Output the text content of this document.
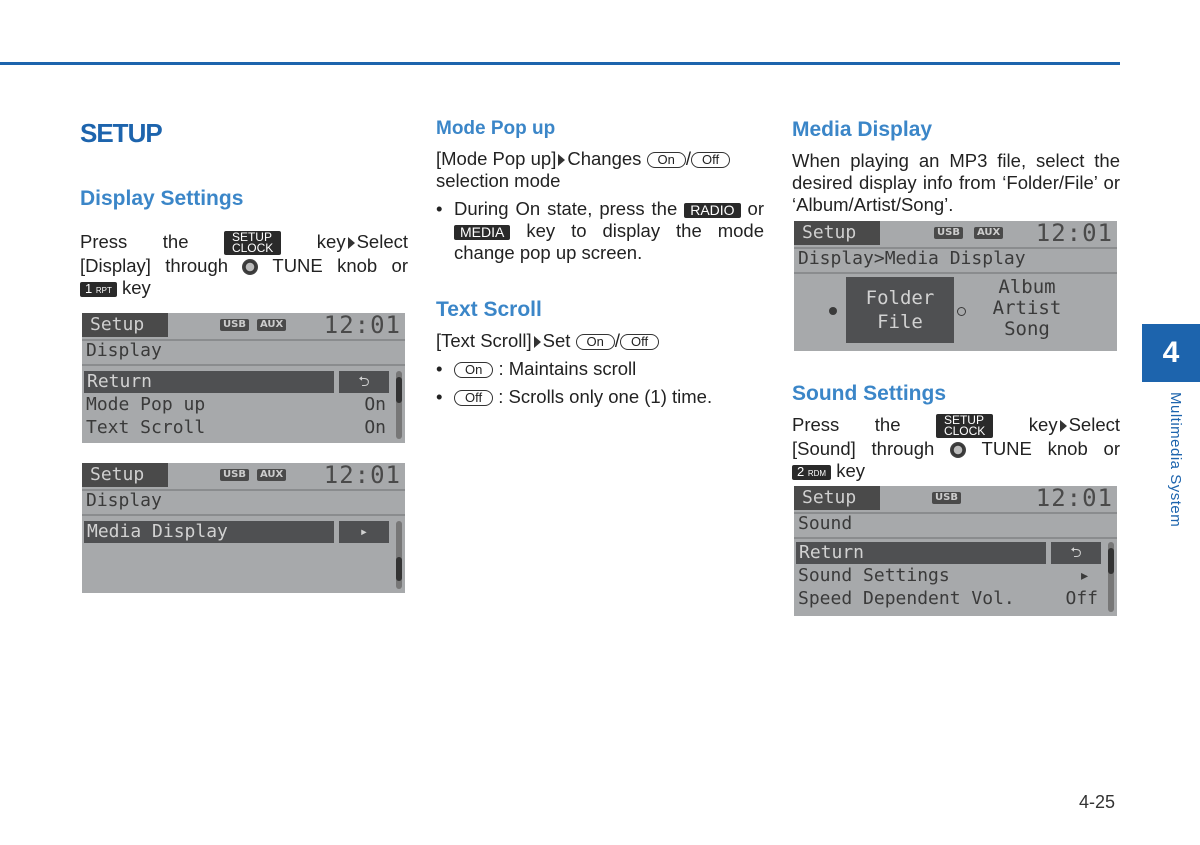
SETUP
Display Settings

Press the	SETUP
CLOCK key Select

[Display] through TUNE knob or

1 RPT key

Setup	USB	AUX 12:01
Display
Return	⮌
Mode Pop up	On
Text Scroll	On
Setup	USB	AUX 12:01
Display
Media Display	▸
Mode Pop up

[Mode Pop up] Changes On / Off

selection mode

• During On state, press the RADIO or MEDIA key to display the mode change pop up screen.
Text Scroll

[Text Scroll] Set On / Off

• On : Maintains scroll
• Off : Scrolls only one (1) time.
Media Display

When playing an MP3 file, select the desired display info from ‘Folder/File’ or ‘Album/Artist/Song’.

Setup	USB	AUX 12:01
Display>Media Display
Folder
File
Album
Artist
Song
Sound Settings

Press the	SETUP
CLOCK key Select

[Sound] through	TUNE knob or

2 RDM key

Setup	USB	12:01
Sound
Return	⮌
Sound Settings	▸
Speed Dependent Vol.	Off
4
Multimedia System
4-25
